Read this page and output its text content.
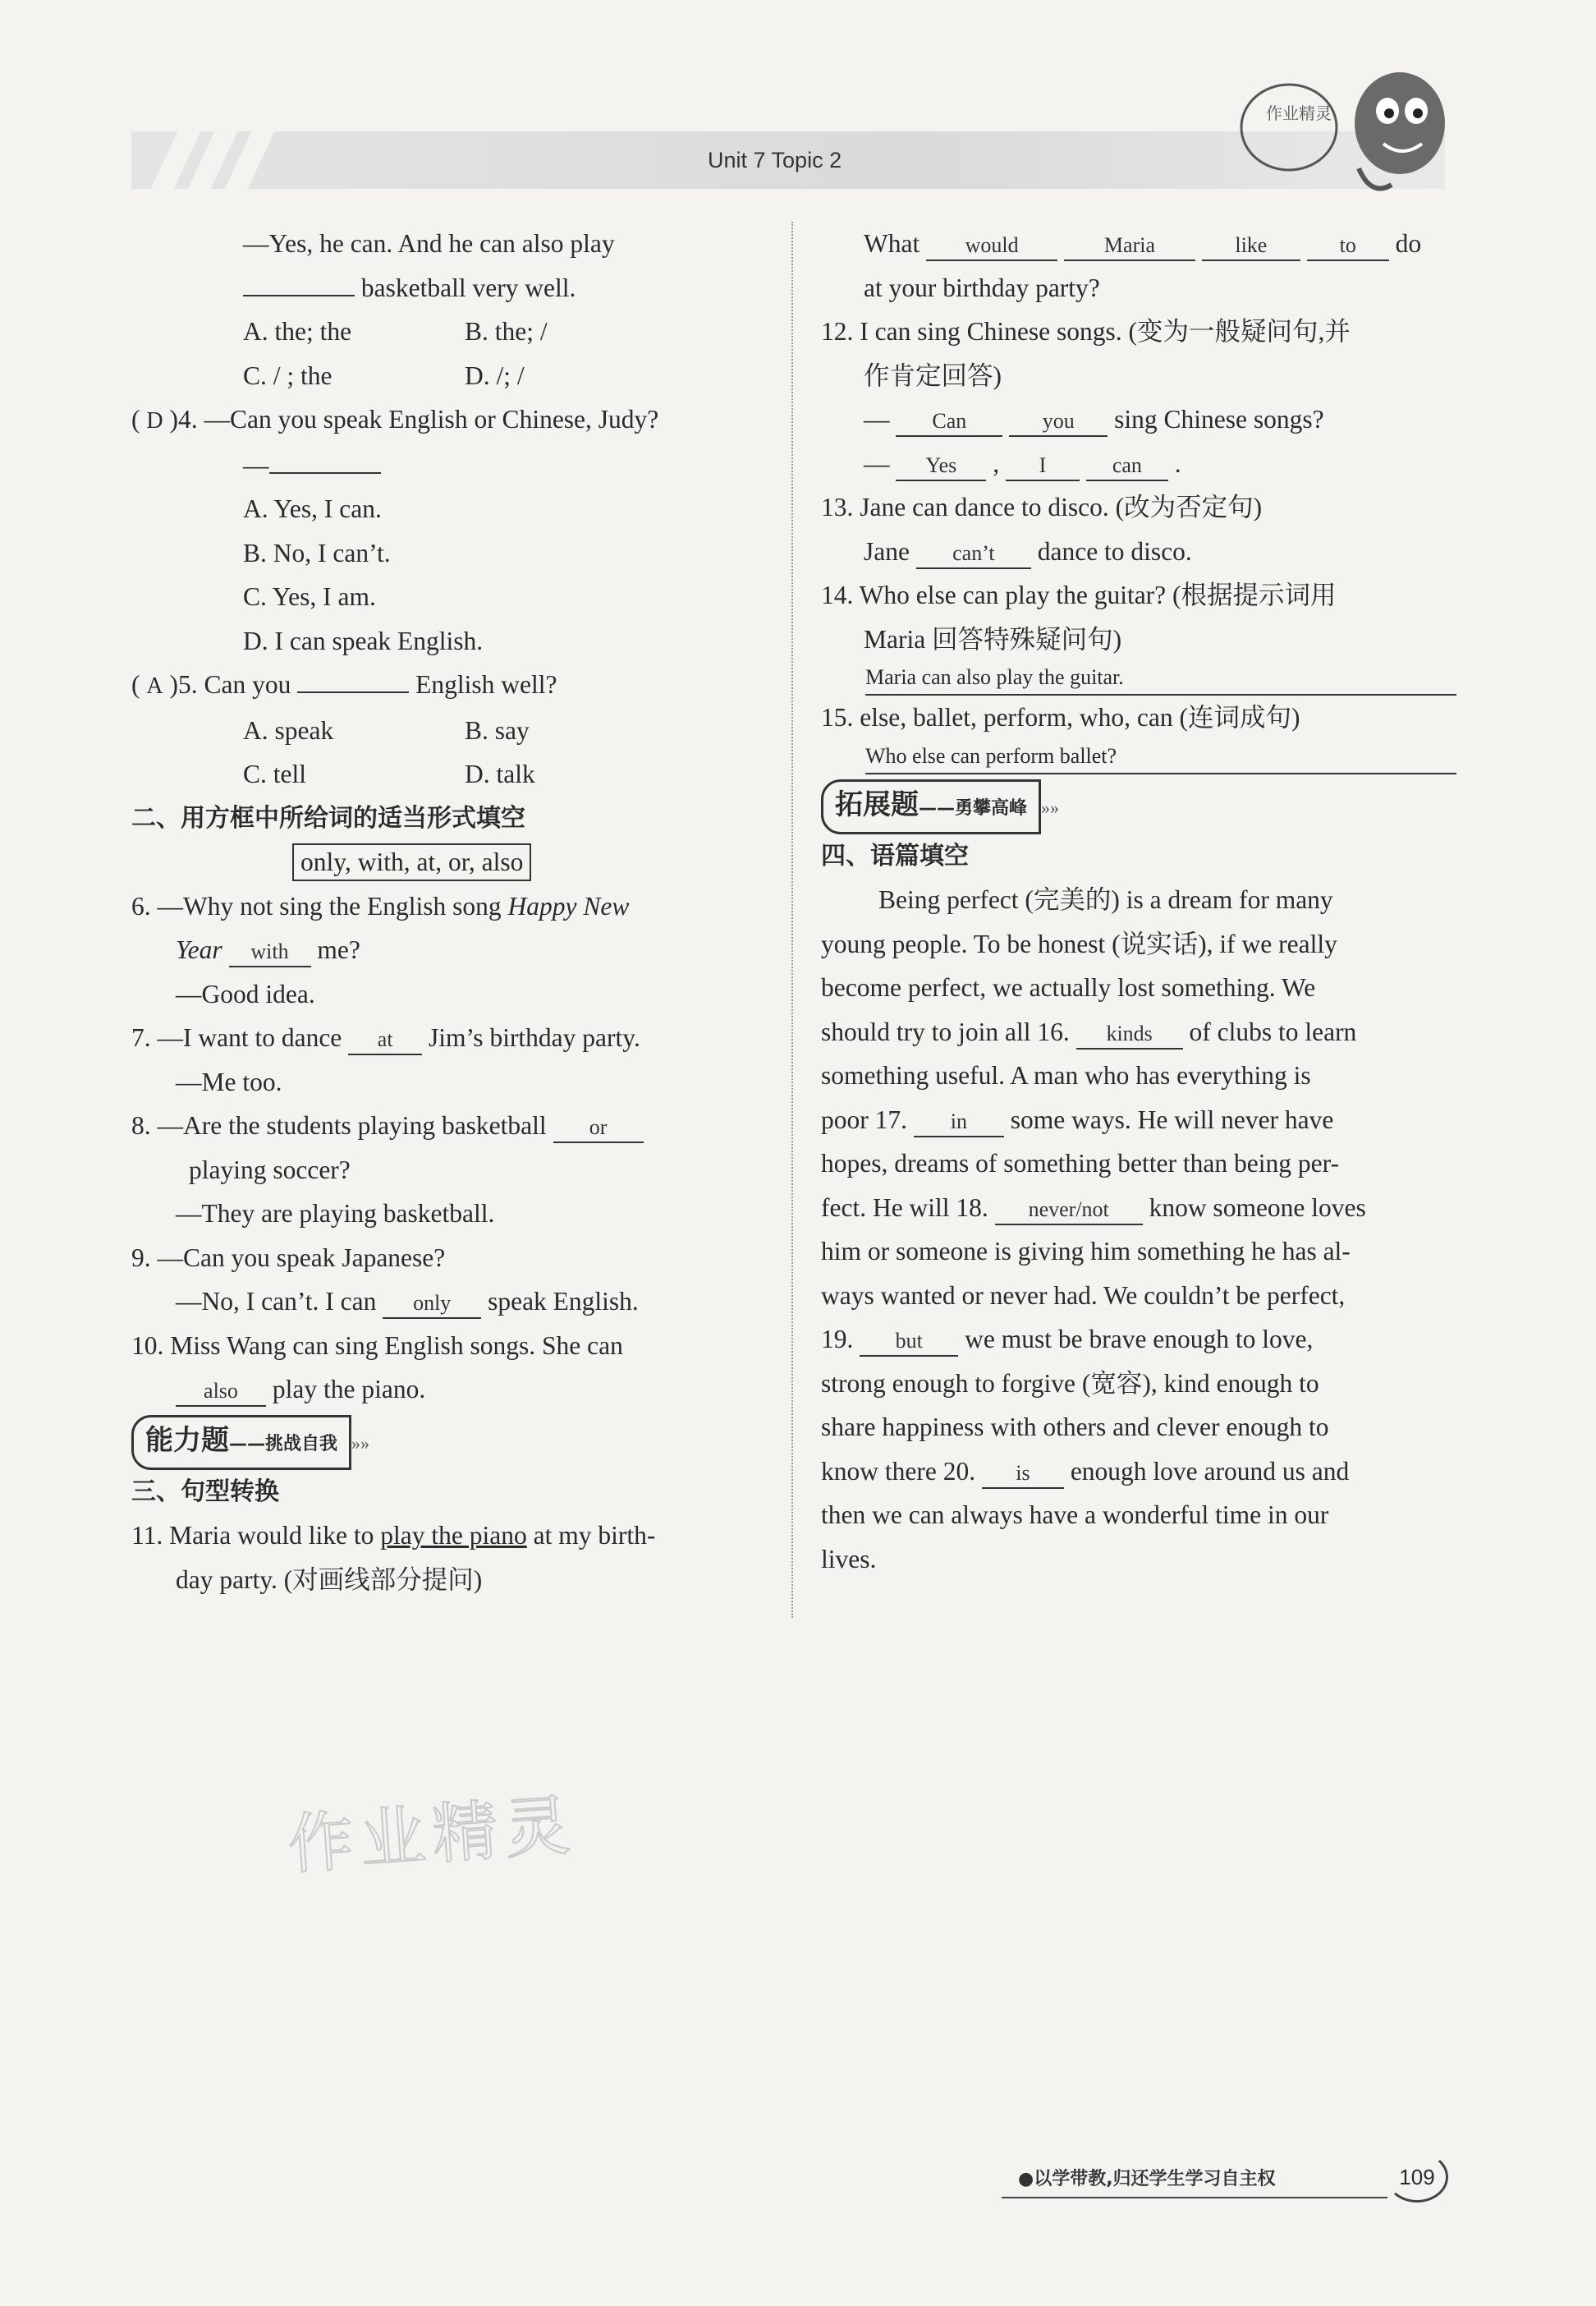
Unit 7 Topic 2
作业精灵
—Yes, he can. And he can also play
basketball very well.
A. the; the	B. the; /
C. / ; the	D. /; /
( D )4. —Can you speak English or Chinese, Judy?
—
A. Yes, I can.
B. No, I can’t.
C. Yes, I am.
D. I can speak English.
( A )5. Can you	English well?
A. speak	B. say
C. tell	D. talk
二、用方框中所给词的适当形式填空
only, with, at, or, also
6. —Why not sing the English song Happy New
Year with me?
—Good idea.
7. —I want to dance at Jim’s birthday party.
—Me too.
8. —Are the students playing basketball or
playing soccer?
—They are playing basketball.
9. —Can you speak Japanese?
—No, I can’t. I can only speak English.
10. Miss Wang can sing English songs. She can
also play the piano.
能力题——挑战自我 »»
三、句型转换
11. Maria would like to play the piano at my birth-
day party. (对画线部分提问)
What would	Maria	like	to do
at your birthday party?
12. I can sing Chinese songs. (变为一般疑问句,并
作肯定回答)
— Can	you sing Chinese songs?
— Yes , I	can .
13. Jane can dance to disco. (改为否定句)
Jane can’t dance to disco.
14. Who else can play the guitar? (根据提示词用
Maria 回答特殊疑问句)
Maria can also play the guitar.
15. else, ballet, perform, who, can (连词成句)
Who else can perform ballet?
拓展题——勇攀高峰 »»
四、语篇填空
Being perfect (完美的) is a dream for many
young people. To be honest (说实话), if we really
become perfect, we actually lost something. We
should try to join all 16. kinds of clubs to learn
something useful. A man who has everything is
poor 17. in some ways. He will never have
hopes, dreams of something better than being per-
fect. He will 18. never/not know someone loves
him or someone is giving him something he has al-
ways wanted or never had. We couldn’t be perfect,
19. but we must be brave enough to love,
strong enough to forgive (宽容), kind enough to
share happiness with others and clever enough to
know there 20. is enough love around us and
then we can always have a wonderful time in our
lives.
作业精灵
●以学带教,归还学生学习自主权	109
